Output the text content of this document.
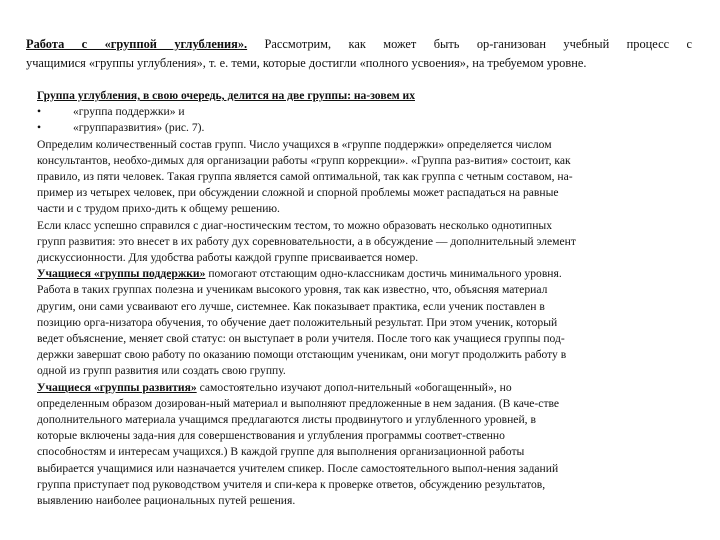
Работа с «группой углубления». Рассмотрим, как может быть ор-ганизован учебный процесс с
учащимися «группы углубления», т. е. теми, которые достигли «полного усвоения», на требуемом уровне.
Группа углубления, в свою очередь, делится на две группы: на-зовем их
•	«группа поддержки» и
•	«группаразвития» (рис. 7).
Определим количественный состав групп. Число учащихся в «группе поддержки» определяется числом
консультантов, необхо-димых для организации работы «групп коррекции». «Группа раз-вития» состоит, как
правило, из пяти человек. Такая группа является самой оптимальной, так как группа с четным составом, на-
пример из четырех человек, при обсуждении сложной и спорной проблемы может распадаться на равные
части и с трудом прихо-дить к общему решению.
Если класс успешно справился с диаг-ностическим тестом, то можно образовать несколько однотипных
групп развития: это внесет в их работу дух соревновательности, а в обсуждение — дополнительный элемент
дискуссионности. Для удобства работы каждой группе присваивается номер.
Учащиеся «группы поддержки» помогают отстающим одно-классникам достичь минимального уровня.
Работа в таких группах полезна и ученикам высокого уровня, так как известно, что, объясняя материал
другим, они сами усваивают его лучше, системнее. Как показывает практика, если ученик поставлен в
позицию орга-низатора обучения, то обучение дает положительный результат. При этом ученик, который
ведет объяснение, меняет свой статус: он выступает в роли учителя. После того как учащиеся группы под-
держки завершат свою работу по оказанию помощи отстающим ученикам, они могут продолжить работу в
одной из групп развития или создать свою группу.
Учащиеся «группы развития» самостоятельно изучают допол-нительный «обогащенный», но
определенным образом дозирован-ный материал и выполняют предложенные в нем задания. (В каче-стве
дополнительного материала учащимся предлагаются листы продвинутого и углубленного уровней, в
которые включены зада-ния для совершенствования и углубления программы соответ-ственно
способностям и интересам учащихся.) В каждой группе для выполнения организационной работы
выбирается учащимися или назначается учителем спикер. После самостоятельного выпол-нения заданий
группа приступает под руководством учителя и спи-кера к проверке ответов, обсуждению результатов,
выявлению наиболее рациональных путей решения.
